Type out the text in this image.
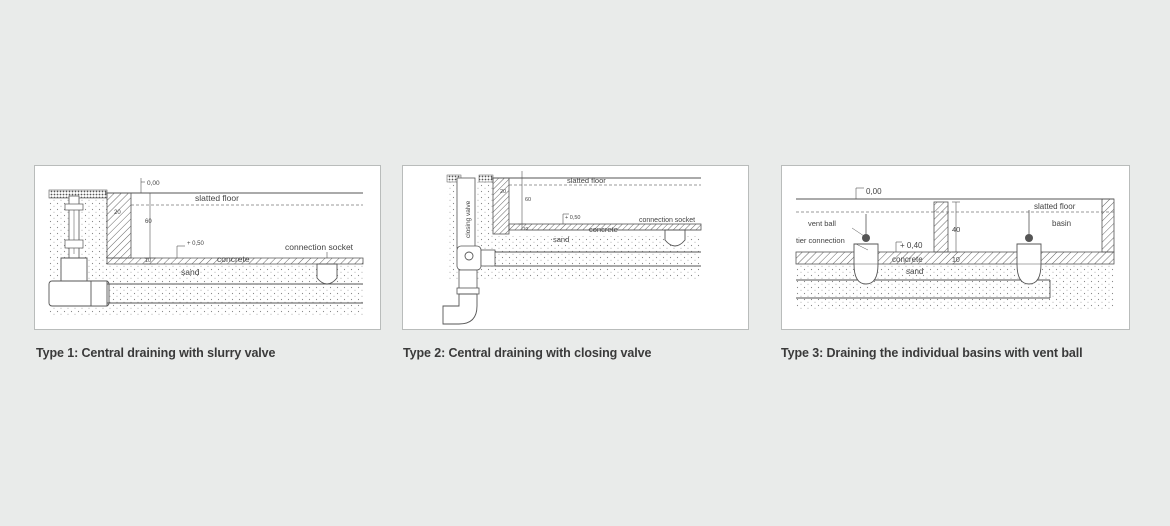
0,00
slatted floor
20
60
+ 0,50	connection socket
10	concrete
sand
Type 1: Central draining with slurry valve
slatted floor
20
60
+ 0,50	connection socket
10	concrete
sand
closing valve
Type 2: Central draining with closing valve
0,00
slatted floor
basin
vent ball
tier connection
+ 0,40
40
10
concrete
sand
Type 3: Draining the individual basins with vent ball
